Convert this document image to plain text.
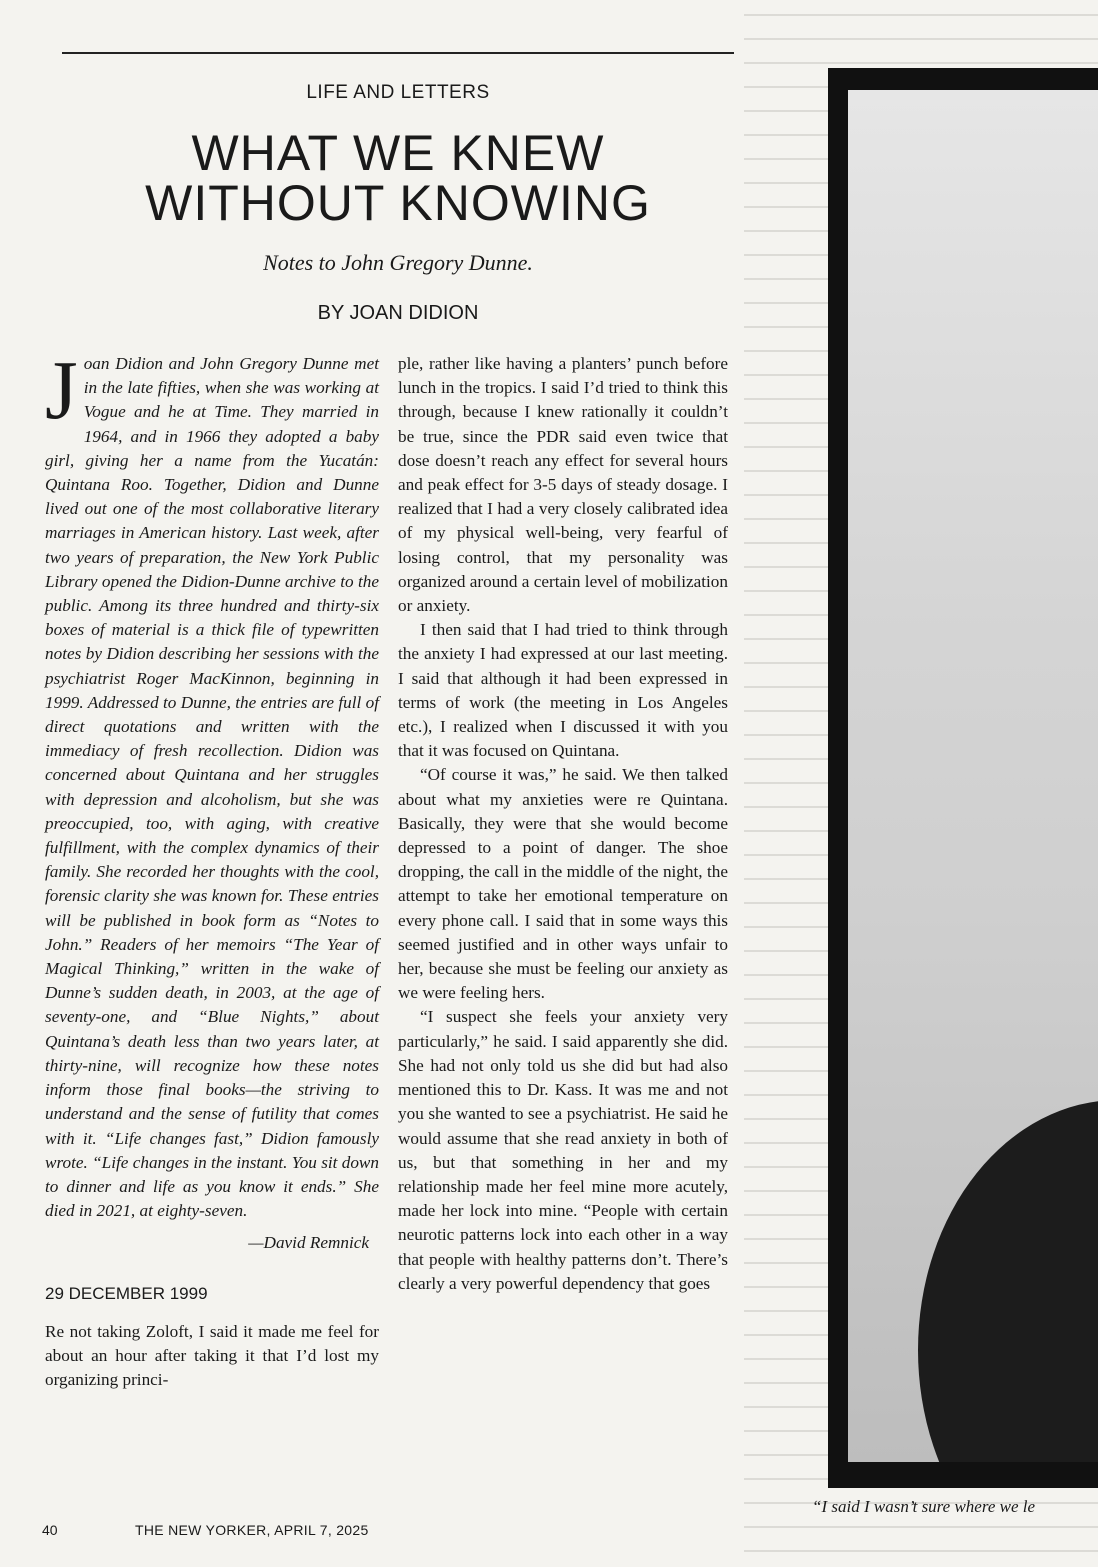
LIFE AND LETTERS
WHAT WE KNEW
WITHOUT KNOWING
Notes to John Gregory Dunne.
BY JOAN DIDION
Joan Didion and John Gregory Dunne met in the late fifties, when she was working at Vogue and he at Time. They married in 1964, and in 1966 they adopted a baby girl, giving her a name from the Yucatán: Quintana Roo. Together, Didion and Dunne lived out one of the most collaborative literary marriages in American history. Last week, after two years of preparation, the New York Public Library opened the Didion-Dunne archive to the public. Among its three hundred and thirty-six boxes of material is a thick file of typewritten notes by Didion describing her sessions with the psychiatrist Roger MacKinnon, beginning in 1999. Addressed to Dunne, the entries are full of direct quotations and written with the immediacy of fresh recollection. Didion was concerned about Quintana and her struggles with depression and alcoholism, but she was preoccupied, too, with aging, with creative fulfillment, with the complex dynamics of their family. She recorded her thoughts with the cool, forensic clarity she was known for. These entries will be published in book form as “Notes to John.” Readers of her memoirs “The Year of Magical Thinking,” written in the wake of Dunne’s sudden death, in 2003, at the age of seventy-one, and “Blue Nights,” about Quintana’s death less than two years later, at thirty-nine, will recognize how these notes inform those final books—the striving to understand and the sense of futility that comes with it. “Life changes fast,” Didion famously wrote. “Life changes in the instant. You sit down to dinner and life as you know it ends.” She died in 2021, at eighty-seven.
—David Remnick
29 DECEMBER 1999

Re not taking Zoloft, I said it made me feel for about an hour after taking it that I’d lost my organizing princi-

ple, rather like having a planters’ punch before lunch in the tropics. I said I’d tried to think this through, because I knew rationally it couldn’t be true, since the PDR said even twice that dose doesn’t reach any effect for several hours and peak effect for 3-5 days of steady dosage. I realized that I had a very closely calibrated idea of my physical well-being, very fearful of losing control, that my personality was organized around a certain level of mobilization or anxiety.

I then said that I had tried to think through the anxiety I had expressed at our last meeting. I said that although it had been expressed in terms of work (the meeting in Los Angeles etc.), I realized when I discussed it with you that it was focused on Quintana.

“Of course it was,” he said. We then talked about what my anxieties were re Quintana. Basically, they were that she would become depressed to a point of danger. The shoe dropping, the call in the middle of the night, the attempt to take her emotional temperature on every phone call. I said that in some ways this seemed justified and in other ways unfair to her, because she must be feeling our anxiety as we were feeling hers.

“I suspect she feels your anxiety very particularly,” he said. I said apparently she did. She had not only told us she did but had also mentioned this to Dr. Kass. It was me and not you she wanted to see a psychiatrist. He said he would assume that she read anxiety in both of us, but that something in her and my relationship made her feel mine more acutely, made her lock into mine. “People with certain neurotic patterns lock into each other in a way that people with healthy patterns don’t. There’s clearly a very powerful dependency that goes

40	THE NEW YORKER, APRIL 7, 2025
“I said I wasn’t sure where we le
